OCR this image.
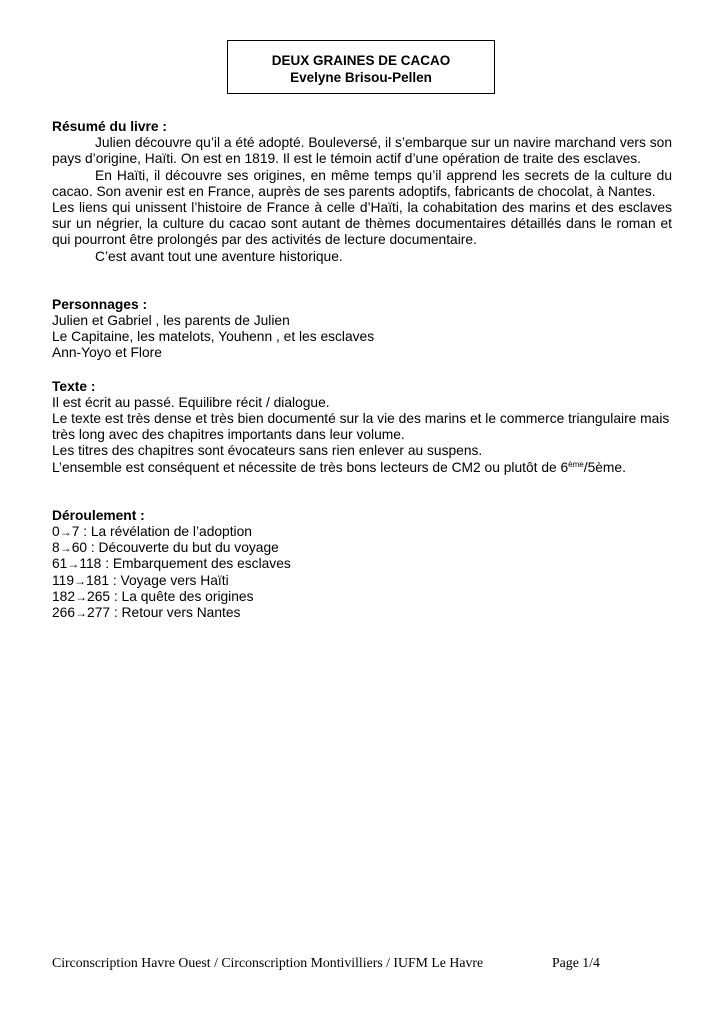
DEUX GRAINES DE CACAO
Evelyne Brisou-Pellen

Résumé du livre :

Julien découvre qu’il a été adopté. Bouleversé, il s’embarque sur un navire marchand vers son pays d’origine, Haïti. On est en 1819. Il est le témoin actif d’une opération de traite des esclaves.

En Haïti, il découvre ses origines, en même temps qu’il apprend les secrets de la culture du cacao. Son avenir est en France, auprès de ses parents adoptifs, fabricants de chocolat, à Nantes.

Les liens qui unissent l’histoire de France à celle d’Haïti, la cohabitation des marins et des esclaves sur un négrier, la culture du cacao sont autant de thèmes documentaires détaillés dans le roman et qui pourront être prolongés par des activités de lecture documentaire.

C’est avant tout une aventure historique.

Personnages :

Julien et Gabriel , les parents de Julien

Le Capitaine, les matelots, Youhenn , et les esclaves

Ann-Yoyo et Flore

Texte :

Il est écrit au passé. Equilibre récit / dialogue.

Le texte est très dense et très bien documenté sur la vie des marins et le commerce triangulaire mais très long avec des chapitres importants dans leur volume.

Les titres des chapitres sont évocateurs sans rien enlever au suspens.

L’ensemble est conséquent et nécessite de très bons lecteurs de CM2 ou plutôt de 6ème/5ème.

Déroulement :

0→7 : La révélation de l’adoption

8→60 : Découverte du but du voyage

61→118 : Embarquement des esclaves

119→181 : Voyage vers Haïti

182→265 : La quête des origines

266→277 : Retour vers Nantes

Circonscription Havre Ouest / Circonscription Montivilliers / IUFM Le Havre	Page 1/4
